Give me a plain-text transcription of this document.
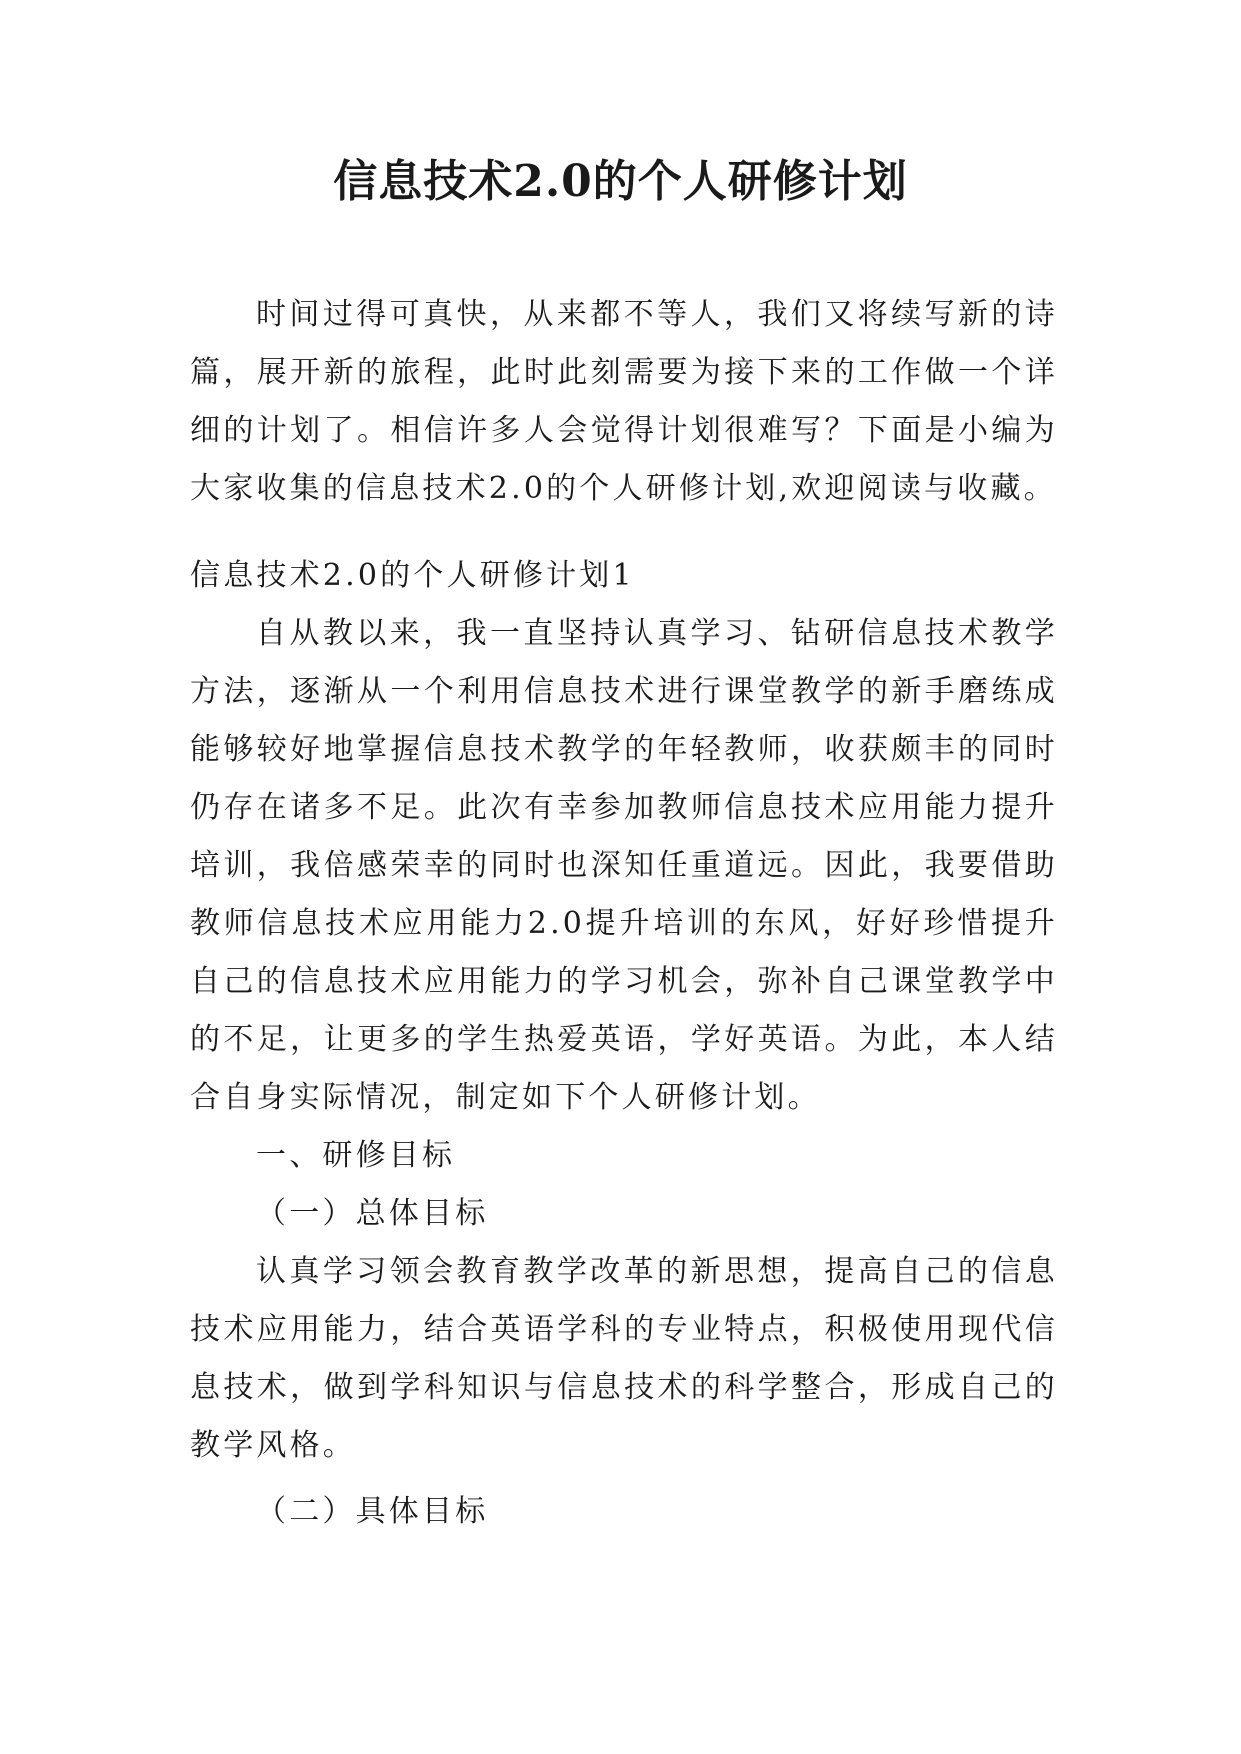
信息技术2.0的个人研修计划

时间过得可真快，从来都不等人，我们又将续写新的诗篇，展开新的旅程，此时此刻需要为接下来的工作做一个详细的计划了。相信许多人会觉得计划很难写？下面是小编为大家收集的信息技术2.0的个人研修计划,欢迎阅读与收藏。

信息技术2.0的个人研修计划1

自从教以来，我一直坚持认真学习、钻研信息技术教学方法，逐渐从一个利用信息技术进行课堂教学的新手磨练成能够较好地掌握信息技术教学的年轻教师，收获颇丰的同时仍存在诸多不足。此次有幸参加教师信息技术应用能力提升培训，我倍感荣幸的同时也深知任重道远。因此，我要借助教师信息技术应用能力2.0提升培训的东风，好好珍惜提升自己的信息技术应用能力的学习机会，弥补自己课堂教学中的不足，让更多的学生热爱英语，学好英语。为此，本人结合自身实际情况，制定如下个人研修计划。

一、研修目标

（一）总体目标

认真学习领会教育教学改革的新思想，提高自己的信息技术应用能力，结合英语学科的专业特点，积极使用现代信息技术，做到学科知识与信息技术的科学整合，形成自己的教学风格。

（二）具体目标
